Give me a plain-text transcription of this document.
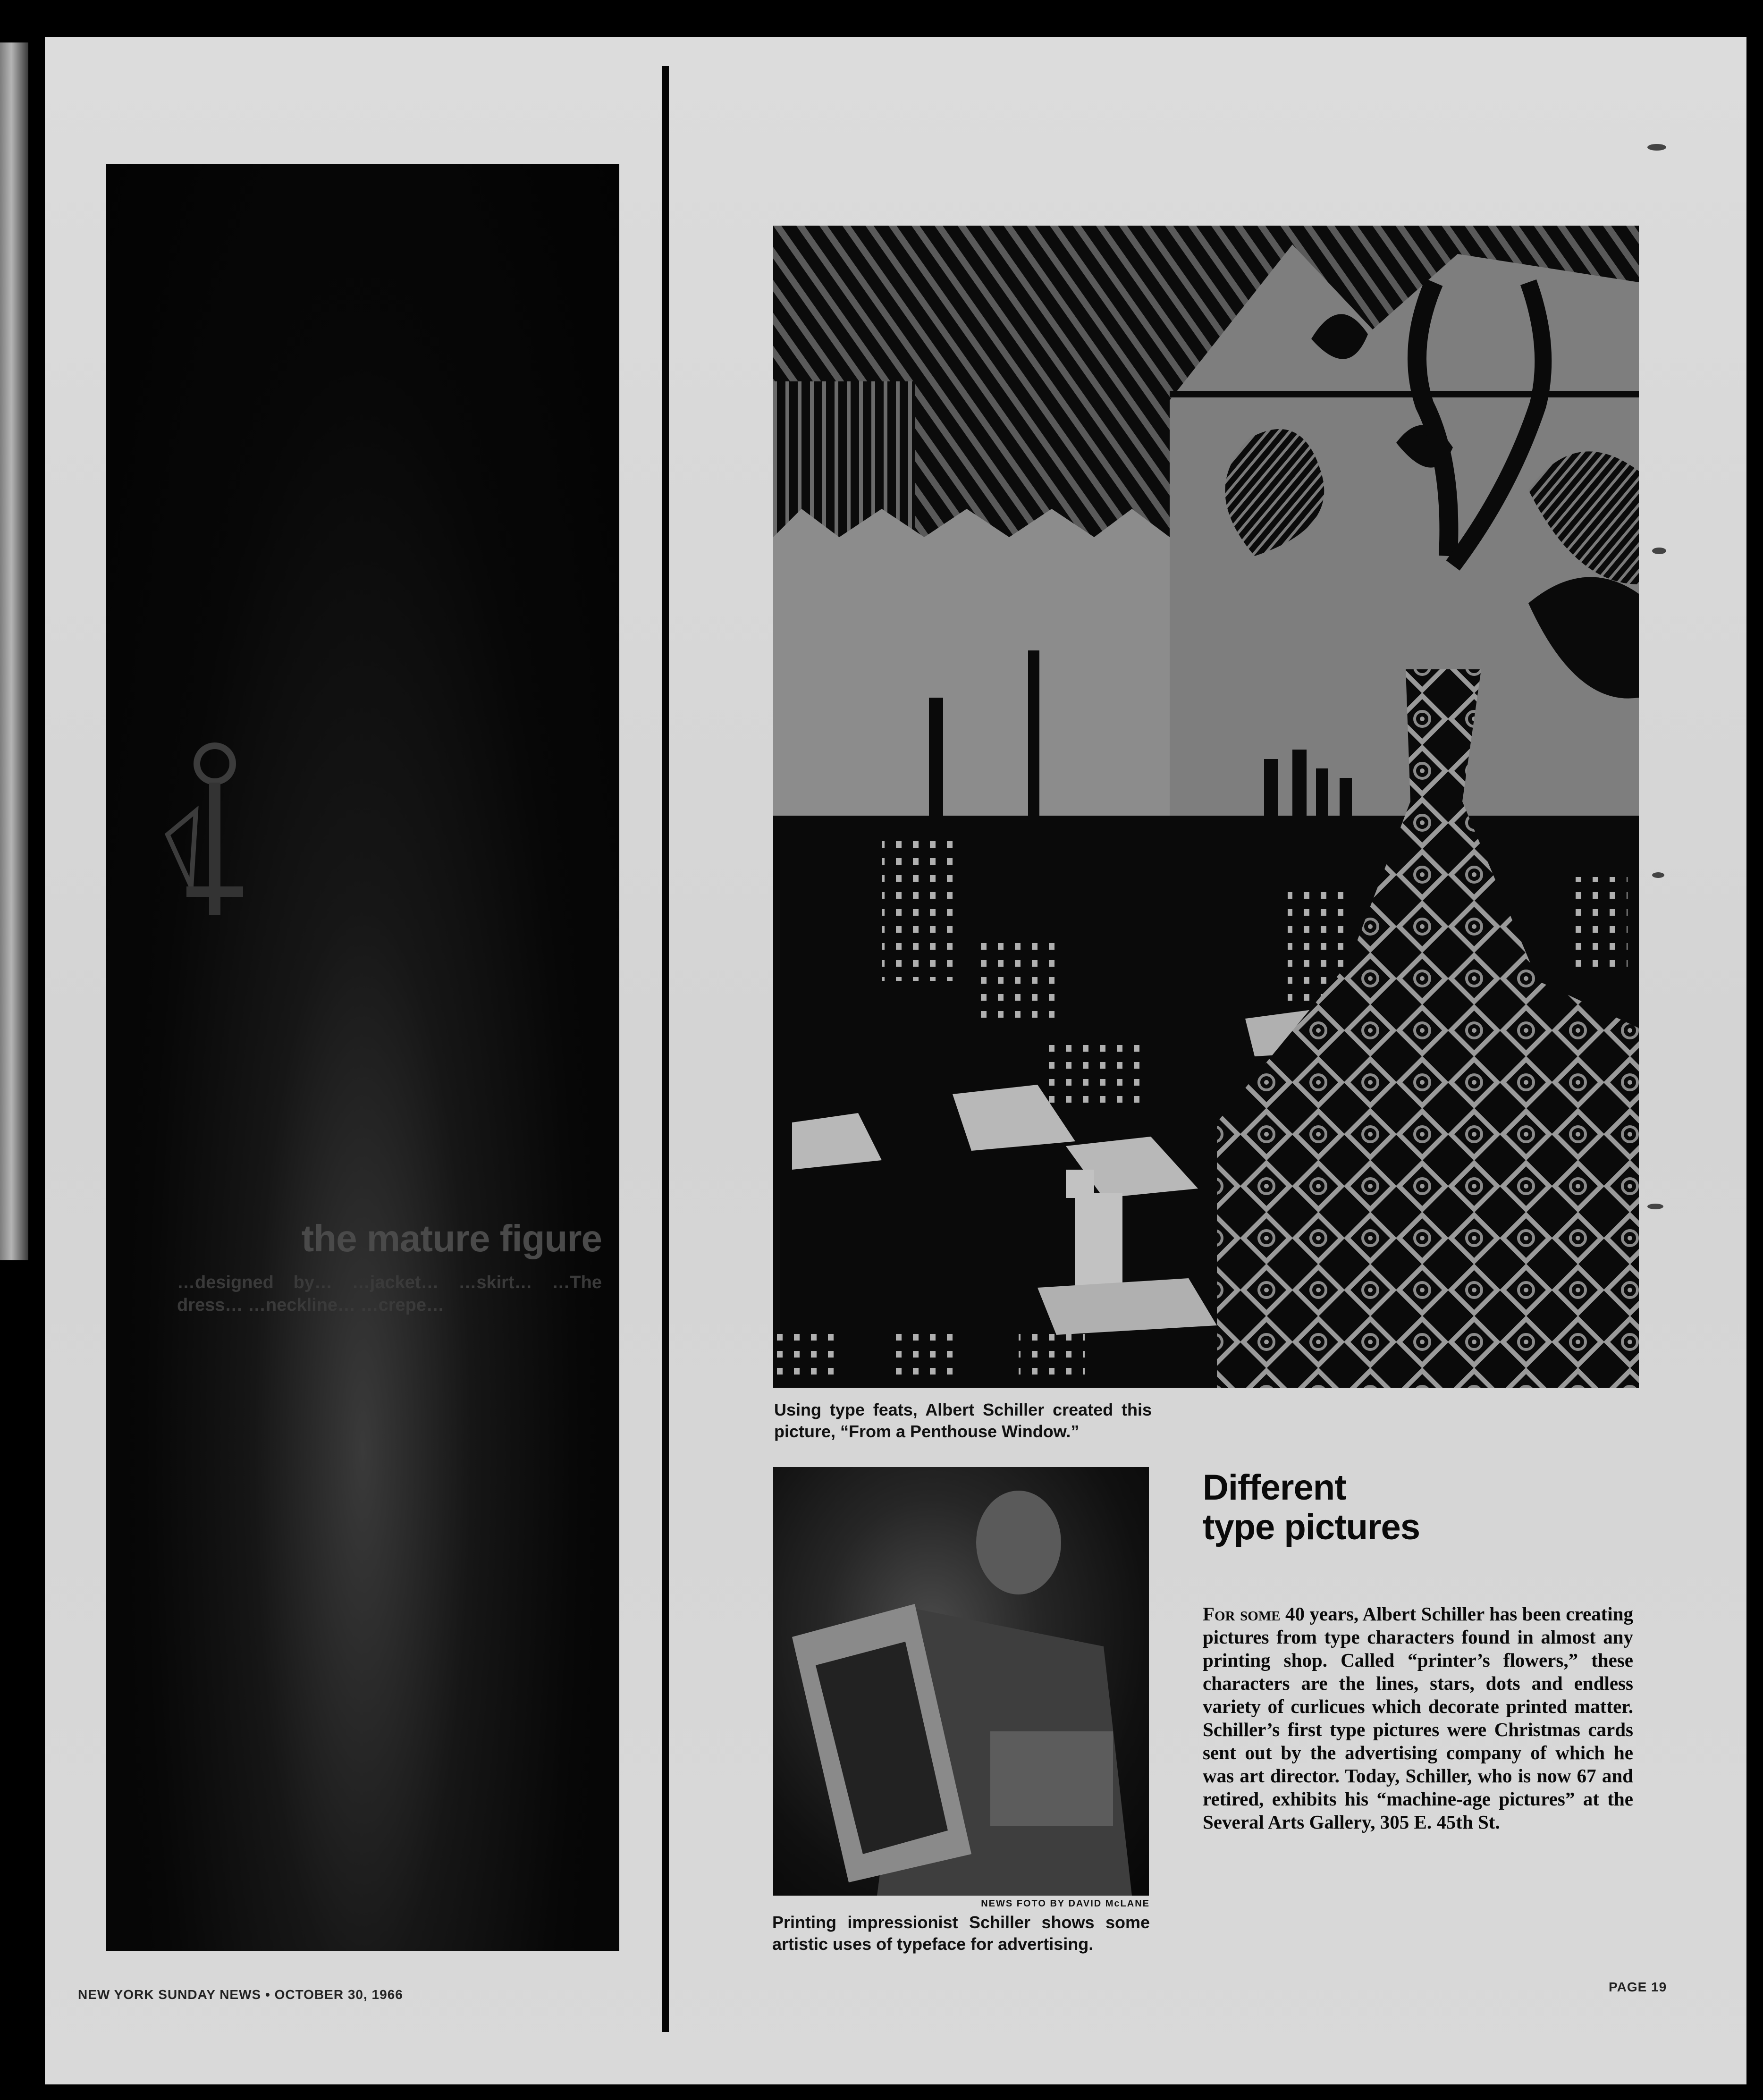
the mature figure
…designed by… …jacket… …skirt… …The dress… …neckline… …crepe…
Using type feats, Albert Schiller created this picture, “From a Penthouse Window.”
NEWS FOTO BY DAVID McLANE
Printing impressionist Schiller shows some artistic uses of typeface for advertising.
Different
type pictures
For some 40 years, Albert Schiller has been creating pictures from type characters found in almost any printing shop. Called “printer’s flowers,” these characters are the lines, stars, dots and endless variety of curlicues which decorate printed matter. Schiller’s first type pictures were Christmas cards sent out by the advertising company of which he was art director. Today, Schiller, who is now 67 and retired, exhibits his “machine-age pictures” at the Several Arts Gallery, 305 E. 45th St.
NEW YORK SUNDAY NEWS • OCTOBER 30, 1966
PAGE 19
